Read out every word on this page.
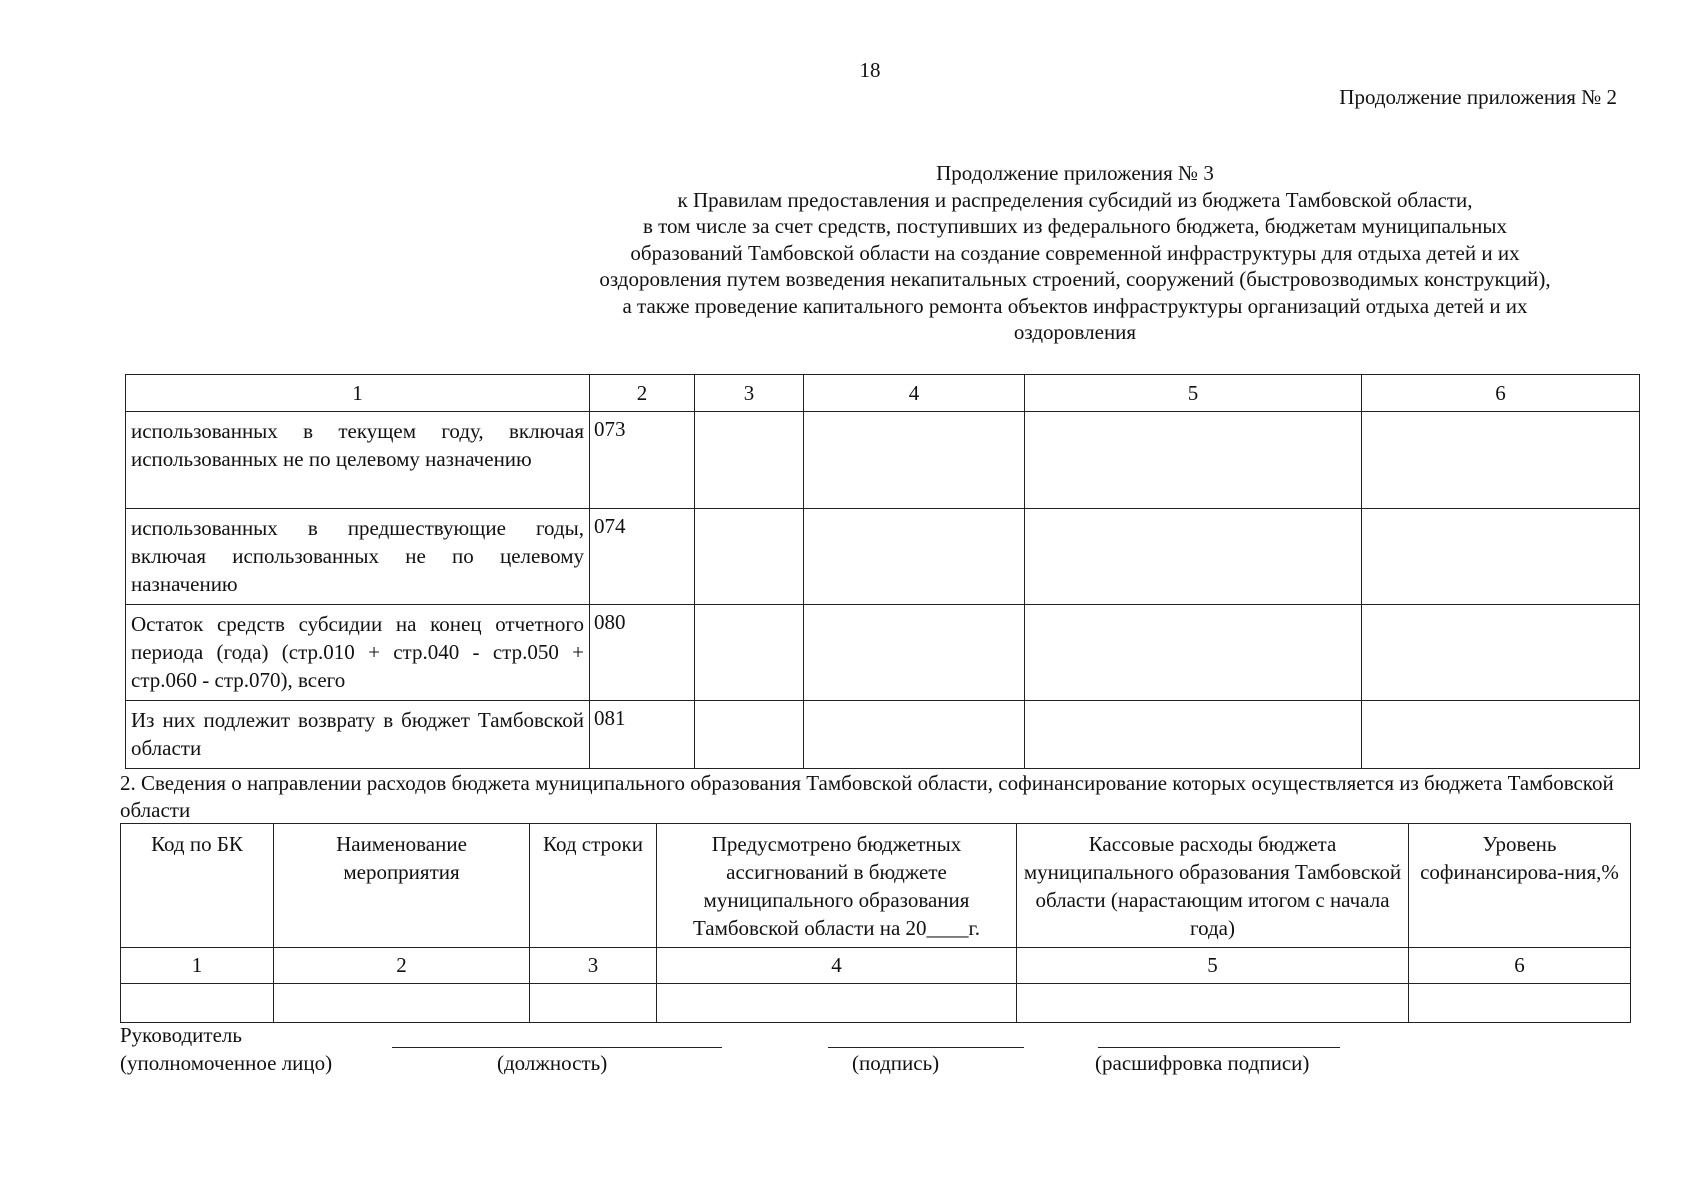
18
Продолжение приложения № 2
Продолжение приложения № 3
к Правилам предоставления и распределения субсидий из бюджета Тамбовской области,
в том числе за счет средств, поступивших из федерального бюджета, бюджетам муниципальных
образований Тамбовской области на создание современной инфраструктуры для отдыха детей и их
оздоровления путем возведения некапитальных строений, сооружений (быстровозводимых конструкций),
а также проведение капитального ремонта объектов инфраструктуры организаций отдыха детей и их
оздоровления
1	2	3	4	5	6
использованных в текущем году, включая использованных не по целевому назначению	073				
использованных в предшествующие годы, включая использованных не по целевому назначению	074				
Остаток средств субсидии на конец отчетного периода (года) (стр.010 + стр.040 - стр.050 + стр.060 - стр.070), всего	080				
Из них подлежит возврату в бюджет Тамбовской области	081				
2. Сведения о направлении расходов бюджета муниципального образования Тамбовской области, софинансирование которых осуществляется из бюджета Тамбовской области
Код по БК	Наименование мероприятия	Код строки	Предусмотрено бюджетных ассигнований в бюджете муниципального образования Тамбовской области на 20____г.	Кассовые расходы бюджета муниципального образования Тамбовской области (нарастающим итогом с начала года)	Уровень софинансирова-ния,%
1	2	3	4	5	6

Руководитель
(уполномоченное лицо)	(должность)	(подпись)	(расшифровка подписи)
